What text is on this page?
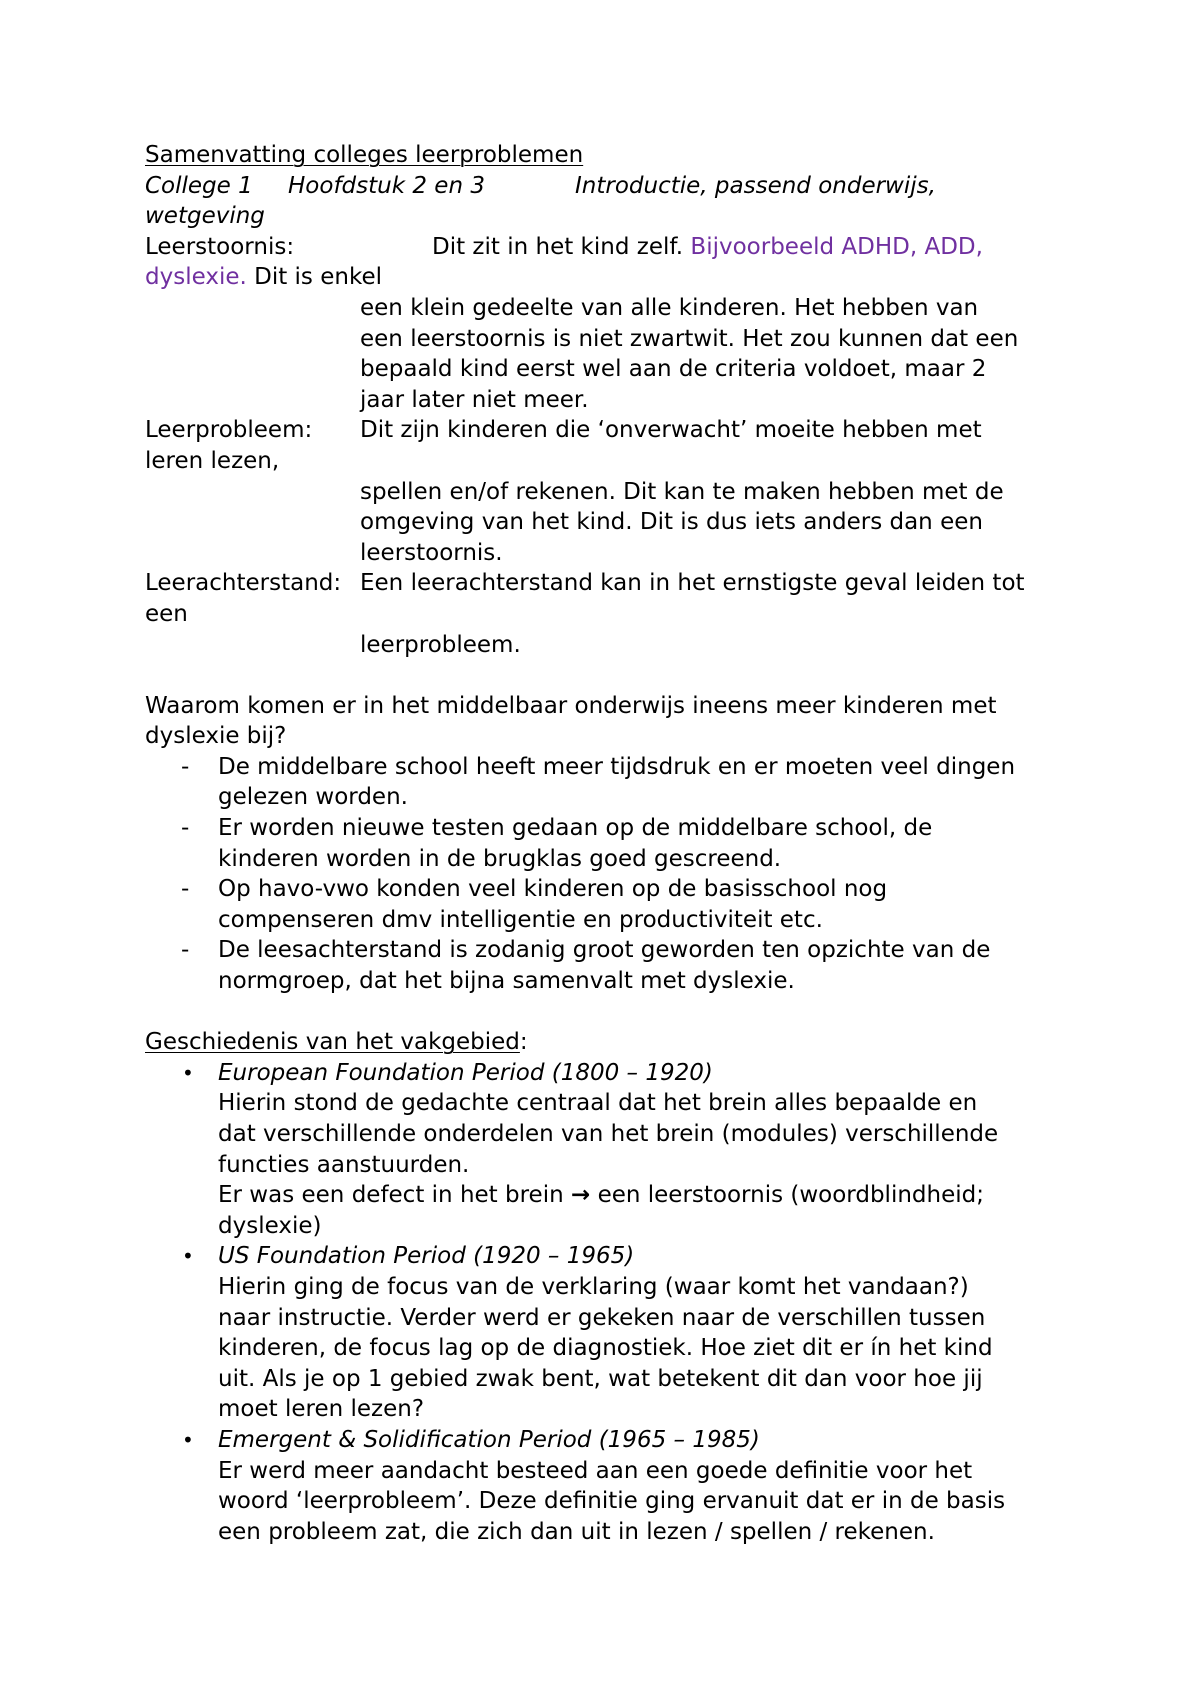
Samenvatting colleges leerproblemen
College 1	Hoofdstuk 2 en 3	Introductie, passend onderwijs,
wetgeving
Leerstoornis:	Dit zit in het kind zelf.
Bijvoorbeeld ADHD, ADD,
dyslexie. Dit is enkel
een klein gedeelte van alle kinderen. Het hebben van
een leerstoornis is niet zwartwit. Het zou kunnen dat een
bepaald kind eerst wel aan de criteria voldoet, maar 2
jaar later niet meer.
Leerprobleem:	Dit zijn kinderen die ‘onverwacht’ moeite hebben met
leren lezen,
spellen en/of rekenen. Dit kan te maken hebben met de
omgeving van het kind. Dit is dus iets anders dan een
leerstoornis.
Leerachterstand: Een leerachterstand kan in het ernstigste geval leiden tot
een
leerprobleem.
Waarom komen er in het middelbaar onderwijs ineens meer kinderen met
dyslexie bij?
- De middelbare school heeft meer tijdsdruk en er moeten veel dingen
gelezen worden.
- Er worden nieuwe testen gedaan op de middelbare school, de
kinderen worden in de brugklas goed gescreend.
- Op havo-vwo konden veel kinderen op de basisschool nog
compenseren dmv intelligentie en productiviteit etc.
- De leesachterstand is zodanig groot geworden ten opzichte van de
normgroep, dat het bijna samenvalt met dyslexie.
Geschiedenis van het vakgebied:
• European Foundation Period (1800 – 1920)
Hierin stond de gedachte centraal dat het brein alles bepaalde en
dat verschillende onderdelen van het brein (modules) verschillende
functies aanstuurden.
Er was een defect in het brein → een leerstoornis (woordblindheid;
dyslexie)
• US Foundation Period (1920 – 1965)
Hierin ging de focus van de verklaring (waar komt het vandaan?)
naar instructie. Verder werd er gekeken naar de verschillen tussen
kinderen, de focus lag op de diagnostiek. Hoe ziet dit er ín het kind
uit. Als je op 1 gebied zwak bent, wat betekent dit dan voor hoe jij
moet leren lezen?
• Emergent & Solidification Period (1965 – 1985)
Er werd meer aandacht besteed aan een goede definitie voor het
woord ‘leerprobleem’. Deze definitie ging ervanuit dat er in de basis
een probleem zat, die zich dan uit in lezen / spellen / rekenen.
